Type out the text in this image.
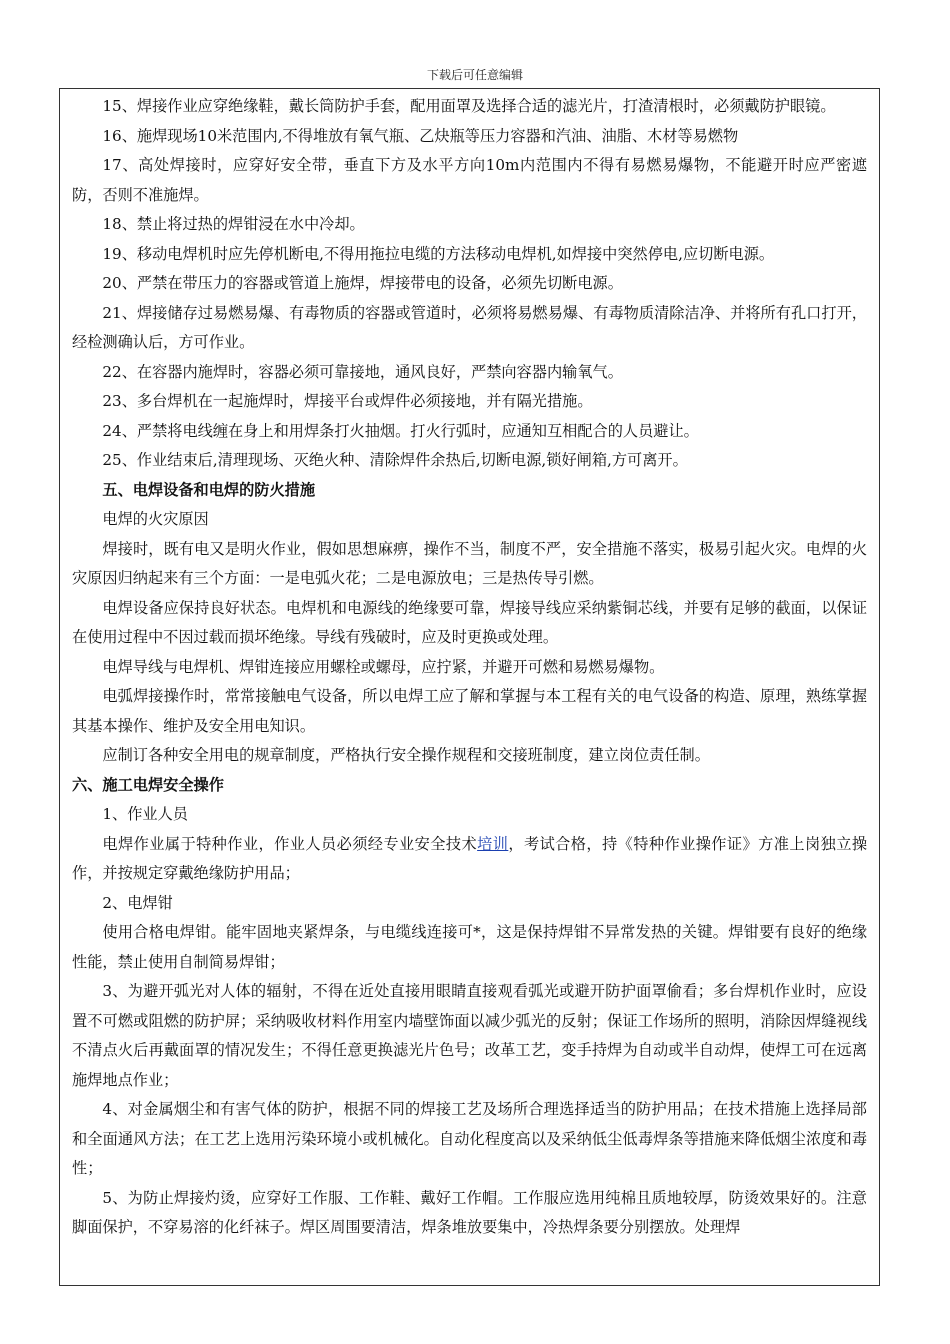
下载后可任意编辑

15、焊接作业应穿绝缘鞋，戴长筒防护手套，配用面罩及选择合适的滤光片，打渣清根时，必须戴防护眼镜。

16、施焊现场10米范围内,不得堆放有氧气瓶、乙炔瓶等压力容器和汽油、油脂、木材等易燃物

17、高处焊接时，应穿好安全带，垂直下方及水平方向10m内范围内不得有易燃易爆物，不能避开时应严密遮防，否则不准施焊。

18、禁止将过热的焊钳浸在水中冷却。

19、移动电焊机时应先停机断电,不得用拖拉电缆的方法移动电焊机,如焊接中突然停电,应切断电源。

20、严禁在带压力的容器或管道上施焊，焊接带电的设备，必须先切断电源。

21、焊接储存过易燃易爆、有毒物质的容器或管道时，必须将易燃易爆、有毒物质清除洁净、并将所有孔口打开，经检测确认后，方可作业。

22、在容器内施焊时，容器必须可靠接地，通风良好，严禁向容器内输氧气。

23、多台焊机在一起施焊时，焊接平台或焊件必须接地，并有隔光措施。

24、严禁将电线缠在身上和用焊条打火抽烟。打火行弧时，应通知互相配合的人员避让。

25、作业结束后,清理现场、灭绝火种、清除焊件余热后,切断电源,锁好闸箱,方可离开。

五、电焊设备和电焊的防火措施

电焊的火灾原因

焊接时，既有电又是明火作业，假如思想麻痹，操作不当，制度不严，安全措施不落实，极易引起火灾。电焊的火灾原因归纳起来有三个方面：一是电弧火花；二是电源放电；三是热传导引燃。

电焊设备应保持良好状态。电焊机和电源线的绝缘要可靠，焊接导线应采纳紫铜芯线，并要有足够的截面，以保证在使用过程中不因过载而损坏绝缘。导线有残破时，应及时更换或处理。

电焊导线与电焊机、焊钳连接应用螺栓或螺母，应拧紧，并避开可燃和易燃易爆物。

电弧焊接操作时，常常接触电气设备，所以电焊工应了解和掌握与本工程有关的电气设备的构造、原理，熟练掌握其基本操作、维护及安全用电知识。

应制订各种安全用电的规章制度，严格执行安全操作规程和交接班制度，建立岗位责任制。

六、施工电焊安全操作

1、作业人员

电焊作业属于特种作业，作业人员必须经专业安全技术培训，考试合格，持《特种作业操作证》方准上岗独立操作，并按规定穿戴绝缘防护用品；

2、电焊钳

使用合格电焊钳。能牢固地夹紧焊条，与电缆线连接可*，这是保持焊钳不异常发热的关键。焊钳要有良好的绝缘性能，禁止使用自制简易焊钳；

3、为避开弧光对人体的辐射，不得在近处直接用眼睛直接观看弧光或避开防护面罩偷看；多台焊机作业时，应设置不可燃或阻燃的防护屏；采纳吸收材料作用室内墙壁饰面以减少弧光的反射；保证工作场所的照明，消除因焊缝视线不清点火后再戴面罩的情况发生；不得任意更换滤光片色号；改革工艺，变手持焊为自动或半自动焊，使焊工可在远离施焊地点作业；

4、对金属烟尘和有害气体的防护，根据不同的焊接工艺及场所合理选择适当的防护用品；在技术措施上选择局部和全面通风方法；在工艺上选用污染环境小或机械化。自动化程度高以及采纳低尘低毒焊条等措施来降低烟尘浓度和毒性；

5、为防止焊接灼烫，应穿好工作服、工作鞋、戴好工作帽。工作服应选用纯棉且质地较厚，防烫效果好的。注意脚面保护，不穿易溶的化纤袜子。焊区周围要清洁，焊条堆放要集中，冷热焊条要分别摆放。处理焊
